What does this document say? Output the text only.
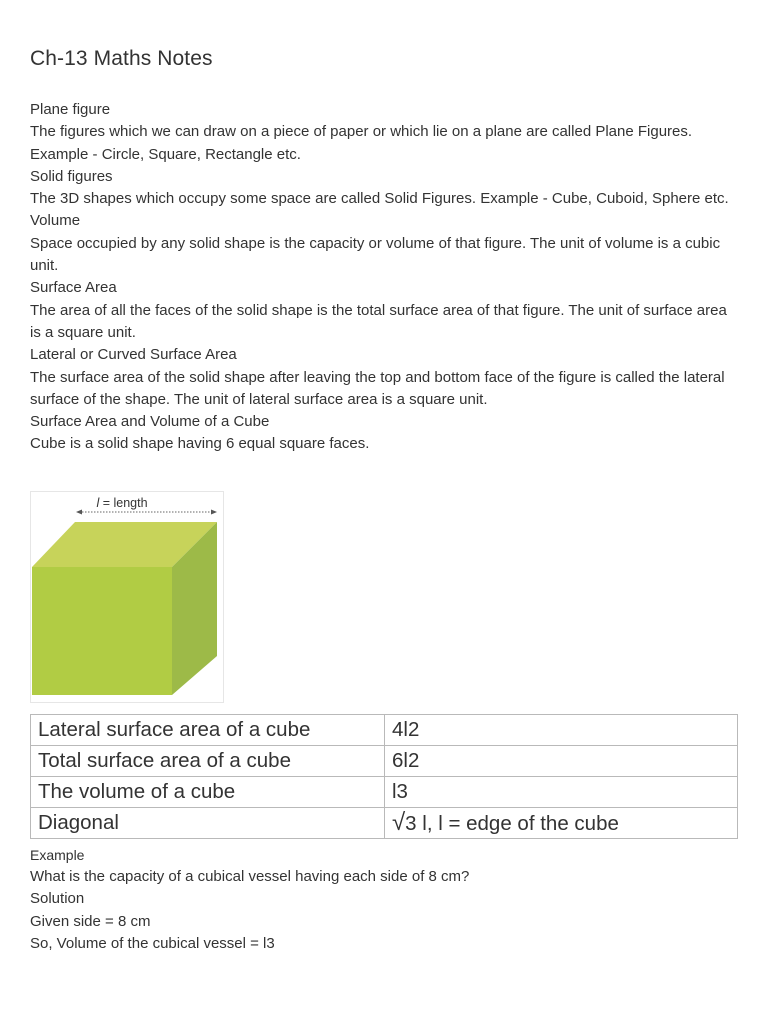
Ch-13 Maths Notes

Plane figure

The figures which we can draw on a piece of paper or which lie on a plane are called Plane Figures. Example - Circle, Square, Rectangle etc.

Solid figures

The 3D shapes which occupy some space are called Solid Figures. Example - Cube, Cuboid, Sphere etc.

Volume

Space occupied by any solid shape is the capacity or volume of that figure. The unit of volume is a cubic unit.

Surface Area

The area of all the faces of the solid shape is the total surface area of that figure. The unit of surface area is a square unit.

Lateral or Curved Surface Area

The surface area of the solid shape after leaving the top and bottom face of the figure is called the lateral surface of the shape. The unit of lateral surface area is a square unit.

Surface Area and Volume of a Cube

Cube is a solid shape having 6 equal square faces.

l = length
Lateral surface area of a cube	4l2
Total surface area of a cube	6l2
The volume of a cube	l3
Diagonal	√3 l, l = edge of the cube

Example

What is the capacity of a cubical vessel having each side of 8 cm?

Solution

Given side = 8 cm

So, Volume of the cubical vessel = l3
